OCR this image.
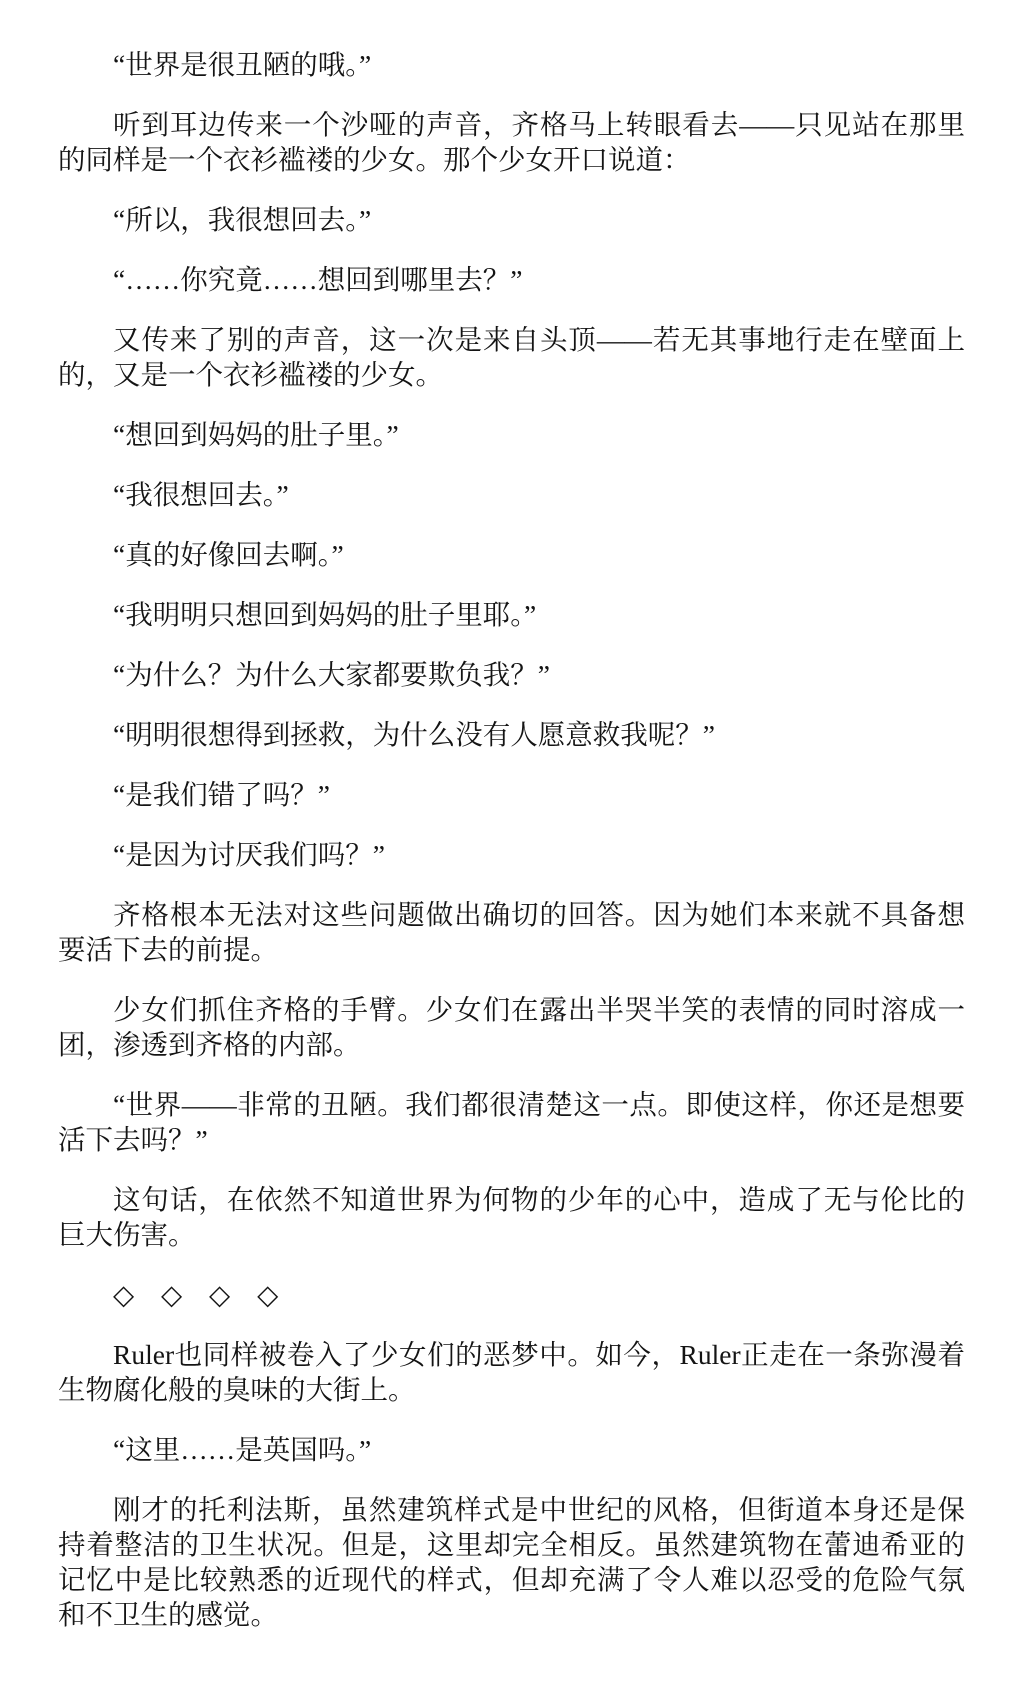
“世界是很丑陋的哦。”

听到耳边传来一个沙哑的声音，齐格马上转眼看去——只见站在那里的同样是一个衣衫褴褛的少女。那个少女开口说道：

“所以，我很想回去。”

“……你究竟……想回到哪里去？”

又传来了别的声音，这一次是来自头顶——若无其事地行走在壁面上的，又是一个衣衫褴褛的少女。

“想回到妈妈的肚子里。”

“我很想回去。”

“真的好像回去啊。”

“我明明只想回到妈妈的肚子里耶。”

“为什么？为什么大家都要欺负我？”

“明明很想得到拯救，为什么没有人愿意救我呢？”

“是我们错了吗？”

“是因为讨厌我们吗？”

齐格根本无法对这些问题做出确切的回答。因为她们本来就不具备想要活下去的前提。

少女们抓住齐格的手臂。少女们在露出半哭半笑的表情的同时溶成一团，渗透到齐格的内部。

“世界——非常的丑陋。我们都很清楚这一点。即使这样，你还是想要活下去吗？”

这句话，在依然不知道世界为何物的少年的心中，造成了无与伦比的巨大伤害。

◇ ◇ ◇ ◇

Ruler也同样被卷入了少女们的恶梦中。如今，Ruler正走在一条弥漫着生物腐化般的臭味的大街上。

“这里……是英国吗。”

刚才的托利法斯，虽然建筑样式是中世纪的风格，但街道本身还是保持着整洁的卫生状况。但是，这里却完全相反。虽然建筑物在蕾迪希亚的记忆中是比较熟悉的近现代的样式，但却充满了令人难以忍受的危险气氛和不卫生的感觉。
